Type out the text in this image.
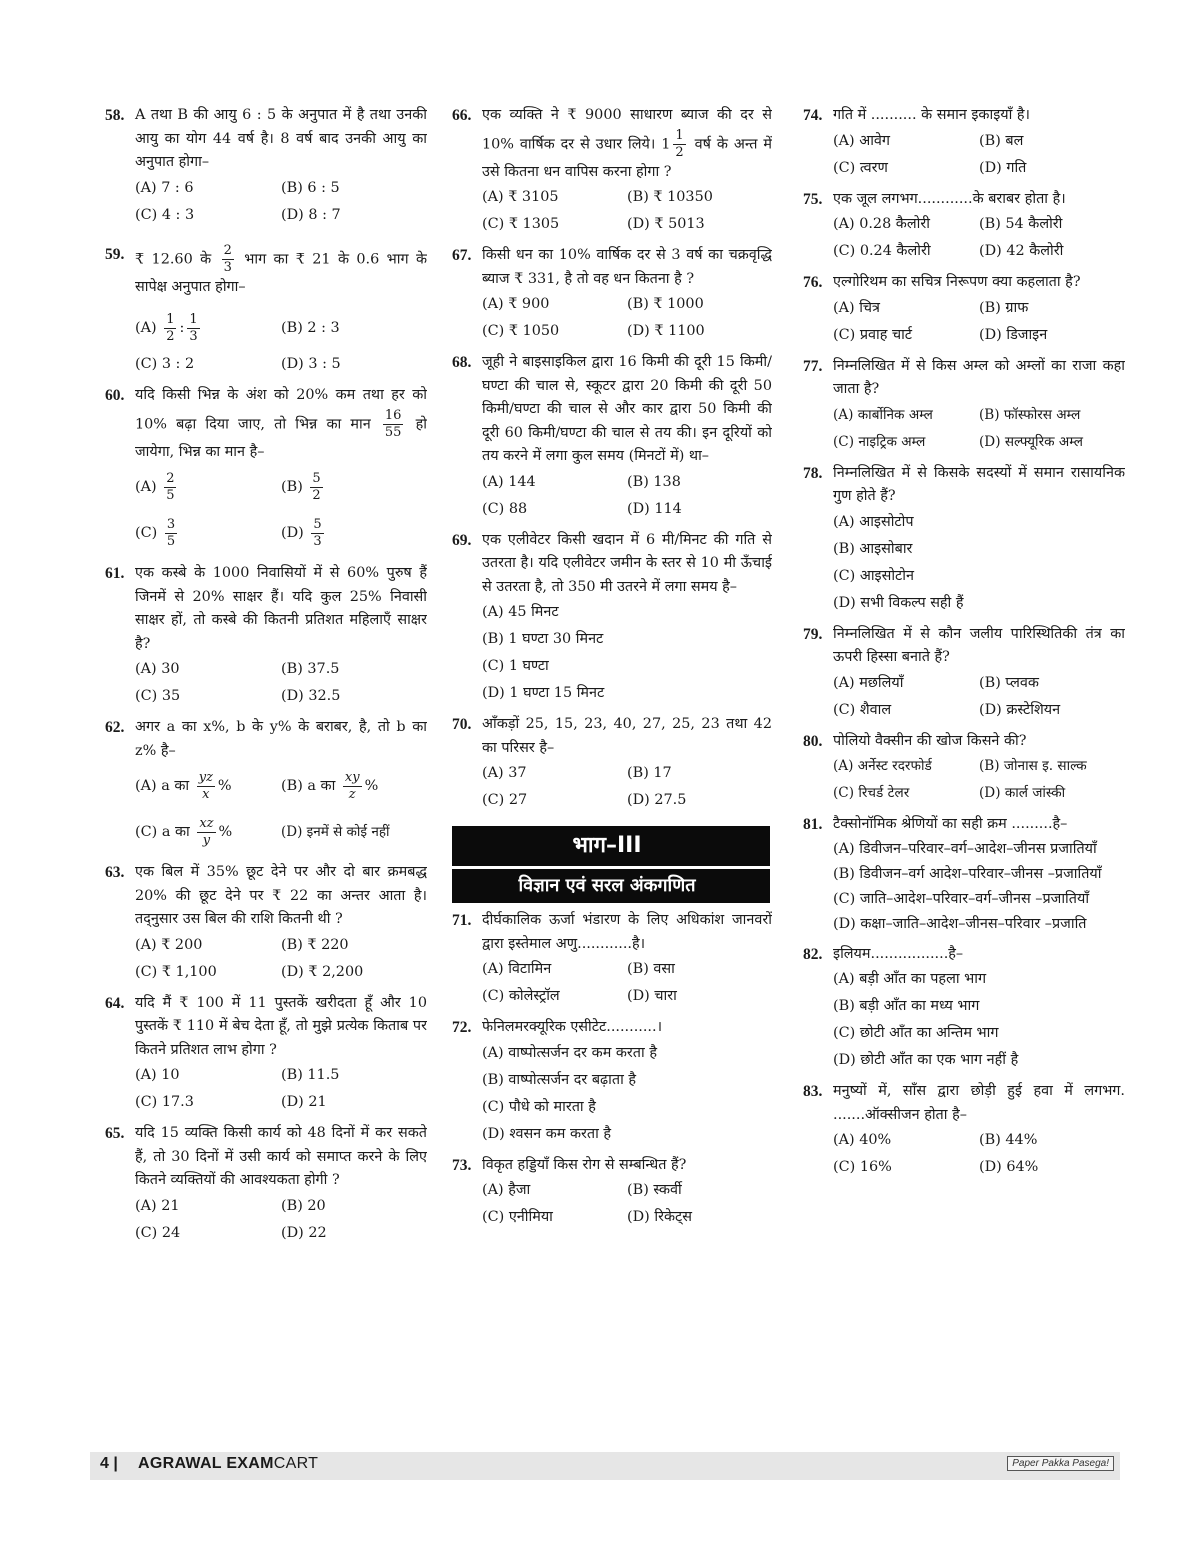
58. A तथा B की आयु 6 : 5 के अनुपात में है तथा उनकी आयु का योग 44 वर्ष है। 8 वर्ष बाद उनकी आयु का अनुपात होगा–
(A) 7 : 6	(B) 6 : 5
(C) 4 : 3	(D) 8 : 7
59. ₹ 12.60 के $\frac{2}{3}$ भाग का ₹ 21 के 0.6 भाग के सापेक्ष अनुपात होगा–
$(A) \frac{1}{2}$ : $\frac{1}{3}$	(B) 2 : 3
(C) 3 : 2	(D) 3 : 5
60. यदि किसी भिन्न के अंश को 20% कम तथा हर को 10% बढ़ा दिया जाए, तो भिन्न का मान $\frac{16}{55}$ हो जायेगा, भिन्न का मान है–
$(A) \frac{2}{5}$	$(B) \frac{5}{2}$
$(C) \frac{3}{5}$	$(D) \frac{5}{3}$
61. एक कस्बे के 1000 निवासियों में से 60% पुरुष हैं जिनमें से 20% साक्षर हैं। यदि कुल 25% निवासी साक्षर हों, तो कस्बे की कितनी प्रतिशत महिलाएँ साक्षर है?
(A) 30	(B) 37.5
(C) 35	(D) 32.5
62. अगर a का x%, b के y% के बराबर, है, तो b का z% है–
(A) a का $\frac{yz}{x}$ %	(B) a का $\frac{xy}{z}$ %
(C) a का $\frac{xz}{y}$ %	(D) इनमें से कोई नहीं
63. एक बिल में 35% छूट देने पर और दो बार क्रमबद्ध 20% की छूट देने पर ₹ 22 का अन्तर आता है। तद्नुसार उस बिल की राशि कितनी थी ?
(A) ₹ 200	(B) ₹ 220
(C) ₹ 1,100	(D) ₹ 2,200
64. यदि मैं ₹ 100 में 11 पुस्तकें खरीदता हूँ और 10 पुस्तकें ₹ 110 में बेच देता हूँ, तो मुझे प्रत्येक किताब पर कितने प्रतिशत लाभ होगा ?
(A) 10	(B) 11.5
(C) 17.3	(D) 21
65. यदि 15 व्यक्ति किसी कार्य को 48 दिनों में कर सकते हैं, तो 30 दिनों में उसी कार्य को समाप्त करने के लिए कितने व्यक्तियों की आवश्यकता होगी ?
(A) 21	(B) 20
(C) 24	(D) 22
66. एक व्यक्ति ने ₹ 9000 साधारण ब्याज की दर से 10% वार्षिक दर से उधार लिये। $1 \frac{1}{2}$ वर्ष के अन्त में उसे कितना धन वापिस करना होगा ?
(A) ₹ 3105	(B) ₹ 10350
(C) ₹ 1305	(D) ₹ 5013
67. किसी धन का 10% वार्षिक दर से 3 वर्ष का चक्रवृद्धि ब्याज ₹ 331, है तो वह धन कितना है ?
(A) ₹ 900	(B) ₹ 1000
(C) ₹ 1050	(D) ₹ 1100
68. जूही ने बाइसाइकिल द्वारा 16 किमी की दूरी 15 किमी/घण्टा की चाल से, स्कूटर द्वारा 20 किमी की दूरी 50 किमी/घण्टा की चाल से और कार द्वारा 50 किमी की दूरी 60 किमी/घण्टा की चाल से तय की। इन दूरियों को तय करने में लगा कुल समय (मिनटों में) था–
(A) 144	(B) 138
(C) 88	(D) 114
69. एक एलीवेटर किसी खदान में 6 मी/मिनट की गति से उतरता है। यदि एलीवेटर जमीन के स्तर से 10 मी ऊँचाई से उतरता है, तो 350 मी उतरने में लगा समय है–
(A) 45 मिनट
(B) 1 घण्टा 30 मिनट
(C) 1 घण्टा
(D) 1 घण्टा 15 मिनट
70. आँकड़ों 25, 15, 23, 40, 27, 25, 23 तथा 42 का परिसर है–
(A) 37	(B) 17
(C) 27	(D) 27.5
भाग–III
विज्ञान एवं सरल अंकगणित
71. दीर्घकालिक ऊर्जा भंडारण के लिए अधिकांश जानवरों द्वारा इस्तेमाल अणु............है।
(A) विटामिन	(B) वसा
(C) कोलेस्ट्रॉल	(D) चारा
72. फेनिलमरक्यूरिक एसीटेट...........।
(A) वाष्पोत्सर्जन दर कम करता है
(B) वाष्पोत्सर्जन दर बढ़ाता है
(C) पौधे को मारता है
(D) श्वसन कम करता है
73. विकृत हड्डियाँ किस रोग से सम्बन्धित हैं?
(A) हैजा	(B) स्कर्वी
(C) एनीमिया	(D) रिकेट्स
74. गति में .......... के समान इकाइयाँ है।
(A) आवेग	(B) बल
(C) त्वरण	(D) गति
75. एक जूल लगभग............के बराबर होता है।
(A) 0.28 कैलोरी	(B) 54 कैलोरी
(C) 0.24 कैलोरी	(D) 42 कैलोरी
76. एल्गोरिथम का सचित्र निरूपण क्या कहलाता है?
(A) चित्र	(B) ग्राफ
(C) प्रवाह चार्ट	(D) डिजाइन
77. निम्नलिखित में से किस अम्ल को अम्लों का राजा कहा जाता है?
(A) कार्बोनिक अम्ल	(B) फॉस्फोरस अम्ल
(C) नाइट्रिक अम्ल	(D) सल्फ्यूरिक अम्ल
78. निम्नलिखित में से किसके सदस्यों में समान रासायनिक गुण होते हैं?
(A) आइसोटोप
(B) आइसोबार
(C) आइसोटोन
(D) सभी विकल्प सही हैं
79. निम्नलिखित में से कौन जलीय पारिस्थितिकी तंत्र का ऊपरी हिस्सा बनाते हैं?
(A) मछलियाँ	(B) प्लवक
(C) शैवाल	(D) क्रस्टेशियन
80. पोलियो वैक्सीन की खोज किसने की?
(A) अर्नेस्ट रदरफोर्ड	(B) जोनास इ. साल्क
(C) रिचर्ड टेलर	(D) कार्ल जांस्की
81. टैक्सोनॉमिक श्रेणियों का सही क्रम .........है–
(A) डिवीजन–परिवार–वर्ग–आदेश–जीनस प्रजातियाँ
(B) डिवीजन–वर्ग आदेश–परिवार–जीनस –प्रजातियाँ
(C) जाति–आदेश–परिवार–वर्ग–जीनस –प्रजातियाँ
(D) कक्षा–जाति–आदेश–जीनस–परिवार –प्रजाति
82. इलियम.................है–
(A) बड़ी आँत का पहला भाग
(B) बड़ी आँत का मध्य भाग
(C) छोटी आँत का अन्तिम भाग
(D) छोटी आँत का एक भाग नहीं है
83. मनुष्यों में, साँस द्वारा छोड़ी हुई हवा में लगभग. .......ऑक्सीजन होता है–
(A) 40%	(B) 44%
(C) 16%	(D) 64%
4 | AGRAWAL EXAMCART	Paper Pakka Pasega!
